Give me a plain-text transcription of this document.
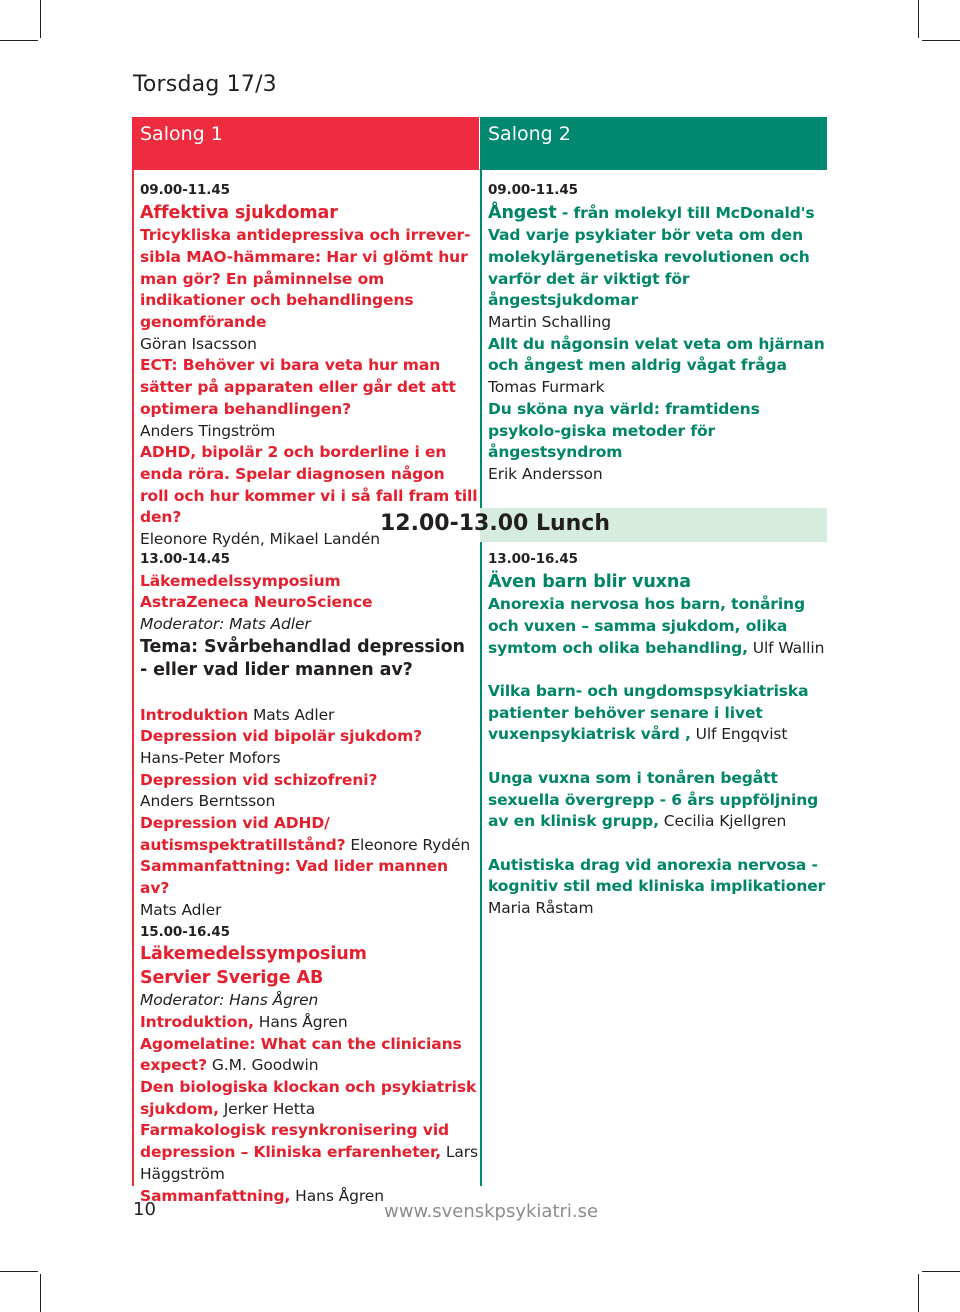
Torsdag 17/3
Salong 1	Salong 2
12.00-13.00 Lunch
09.00-11.45
Affektiva sjukdomar
Tricykliska antidepressiva och irrever-sibla MAO-hämmare: Har vi glömt hur man gör? En påminnelse om indikationer och behandlingens genomförande
Göran Isacsson
ECT: Behöver vi bara veta hur man sätter på apparaten eller går det att optimera behandlingen?
Anders Tingström
ADHD, bipolär 2 och borderline i en enda röra. Spelar diagnosen någon roll och hur kommer vi i så fall fram till den?
Eleonore Rydén, Mikael Landén
13.00-14.45
Läkemedelssymposium
AstraZeneca NeuroScience
Moderator: Mats Adler
Tema: Svårbehandlad depression - eller vad lider mannen av?
Introduktion Mats Adler
Depression vid bipolär sjukdom?
Hans-Peter Mofors
Depression vid schizofreni?
Anders Berntsson
Depression vid ADHD/ autismspektratillstånd? Eleonore Rydén
Sammanfattning: Vad lider mannen av?
Mats Adler
15.00-16.45
Läkemedelssymposium
Servier Sverige AB
Moderator: Hans Ågren
Introduktion, Hans Ågren
Agomelatine: What can the clinicians expect? G.M. Goodwin
Den biologiska klockan och psykiatrisk sjukdom, Jerker Hetta
Farmakologisk resynkronisering vid depression – Kliniska erfarenheter, Lars Häggström
Sammanfattning, Hans Ågren
09.00-11.45
Ångest - från molekyl till McDonald's
Vad varje psykiater bör veta om den molekylärgenetiska revolutionen och varför det är viktigt för ångestsjukdomar
Martin Schalling
Allt du någonsin velat veta om hjärnan och ångest men aldrig vågat fråga
Tomas Furmark
Du sköna nya värld: framtidens psykolo-giska metoder för ångestsyndrom
Erik Andersson
13.00-16.45
Även barn blir vuxna
Anorexia nervosa hos barn, tonåring och vuxen – samma sjukdom, olika symtom och olika behandling, Ulf Wallin
Vilka barn- och ungdomspsykiatriska patienter behöver senare i livet vuxenpsykiatrisk vård , Ulf Engqvist
Unga vuxna som i tonåren begått sexuella övergrepp - 6 års uppföljning av en klinisk grupp, Cecilia Kjellgren
Autistiska drag vid anorexia nervosa - kognitiv stil med kliniska implikationer
Maria Råstam
10	www.svenskpsykiatri.se
